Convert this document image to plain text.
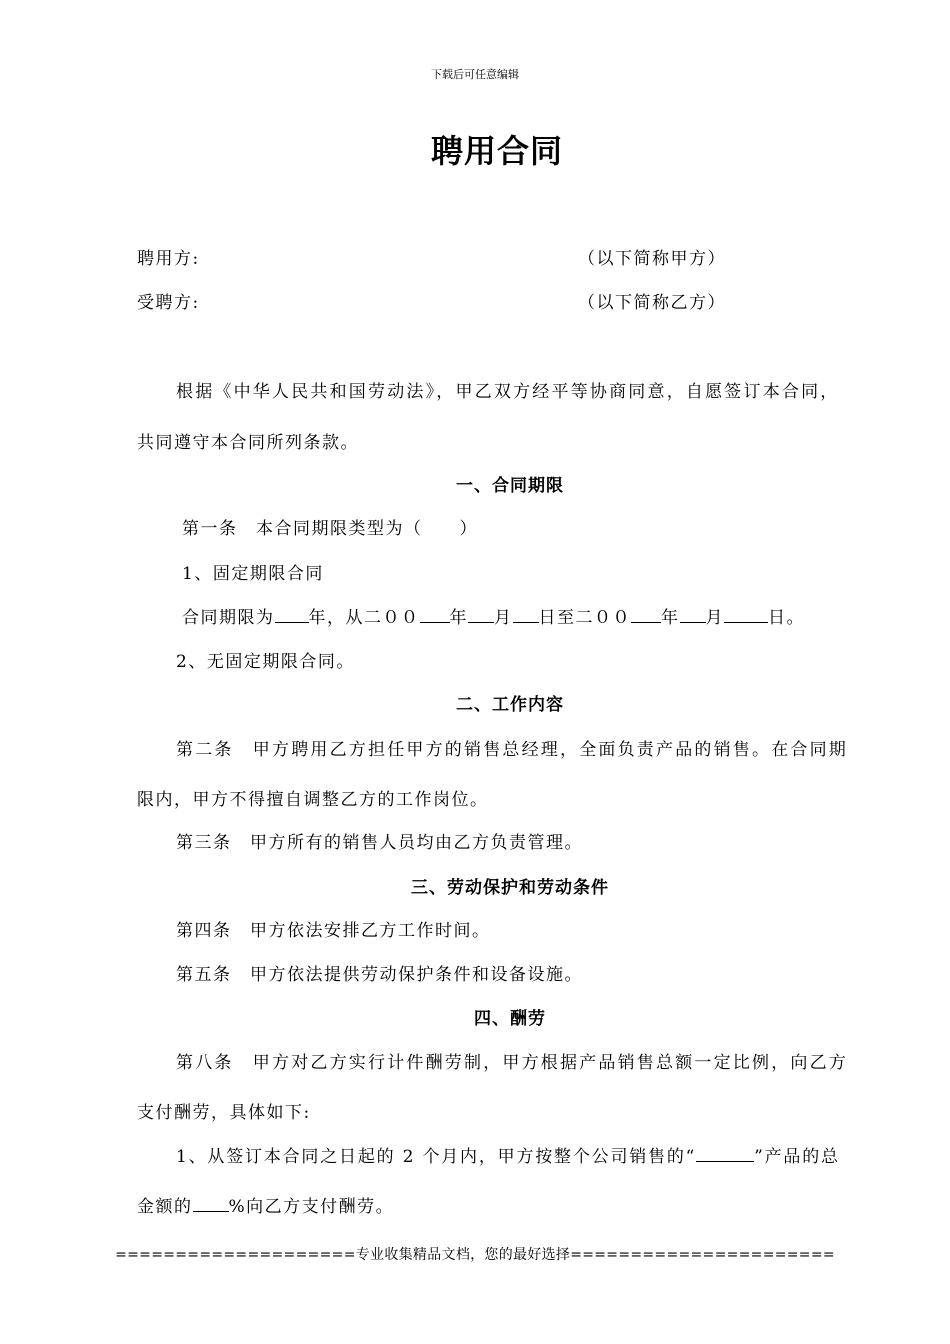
下载后可任意编辑
聘用合同
聘用方:	（以下简称甲方）
受聘方:	（以下简称乙方）
根据《中华人民共和国劳动法》，甲乙双方经平等协商同意，自愿签订本合同，
共同遵守本合同所列条款。
一、合同期限
第一条　本合同期限类型为（　　）
1、固定期限合同
合同期限为 年，从二００ 年 月 日至二００ 年 月	日。
2、无固定期限合同。
二、工作内容
第二条　甲方聘用乙方担任甲方的销售总经理，全面负责产品的销售。在合同期
限内，甲方不得擅自调整乙方的工作岗位。
第三条　甲方所有的销售人员均由乙方负责管理。
三、劳动保护和劳动条件
第四条　甲方依法安排乙方工作时间。
第五条　甲方依法提供劳动保护条件和设备设施。
四、酬劳
第八条　甲方对乙方实行计件酬劳制，甲方根据产品销售总额一定比例，向乙方
支付酬劳，具体如下:
1、从签订本合同之日起的 2 个月内，甲方按整个公司销售的“	”产品的总
金额的 %向乙方支付酬劳。
====================专业收集精品文档，您的最好选择======================
